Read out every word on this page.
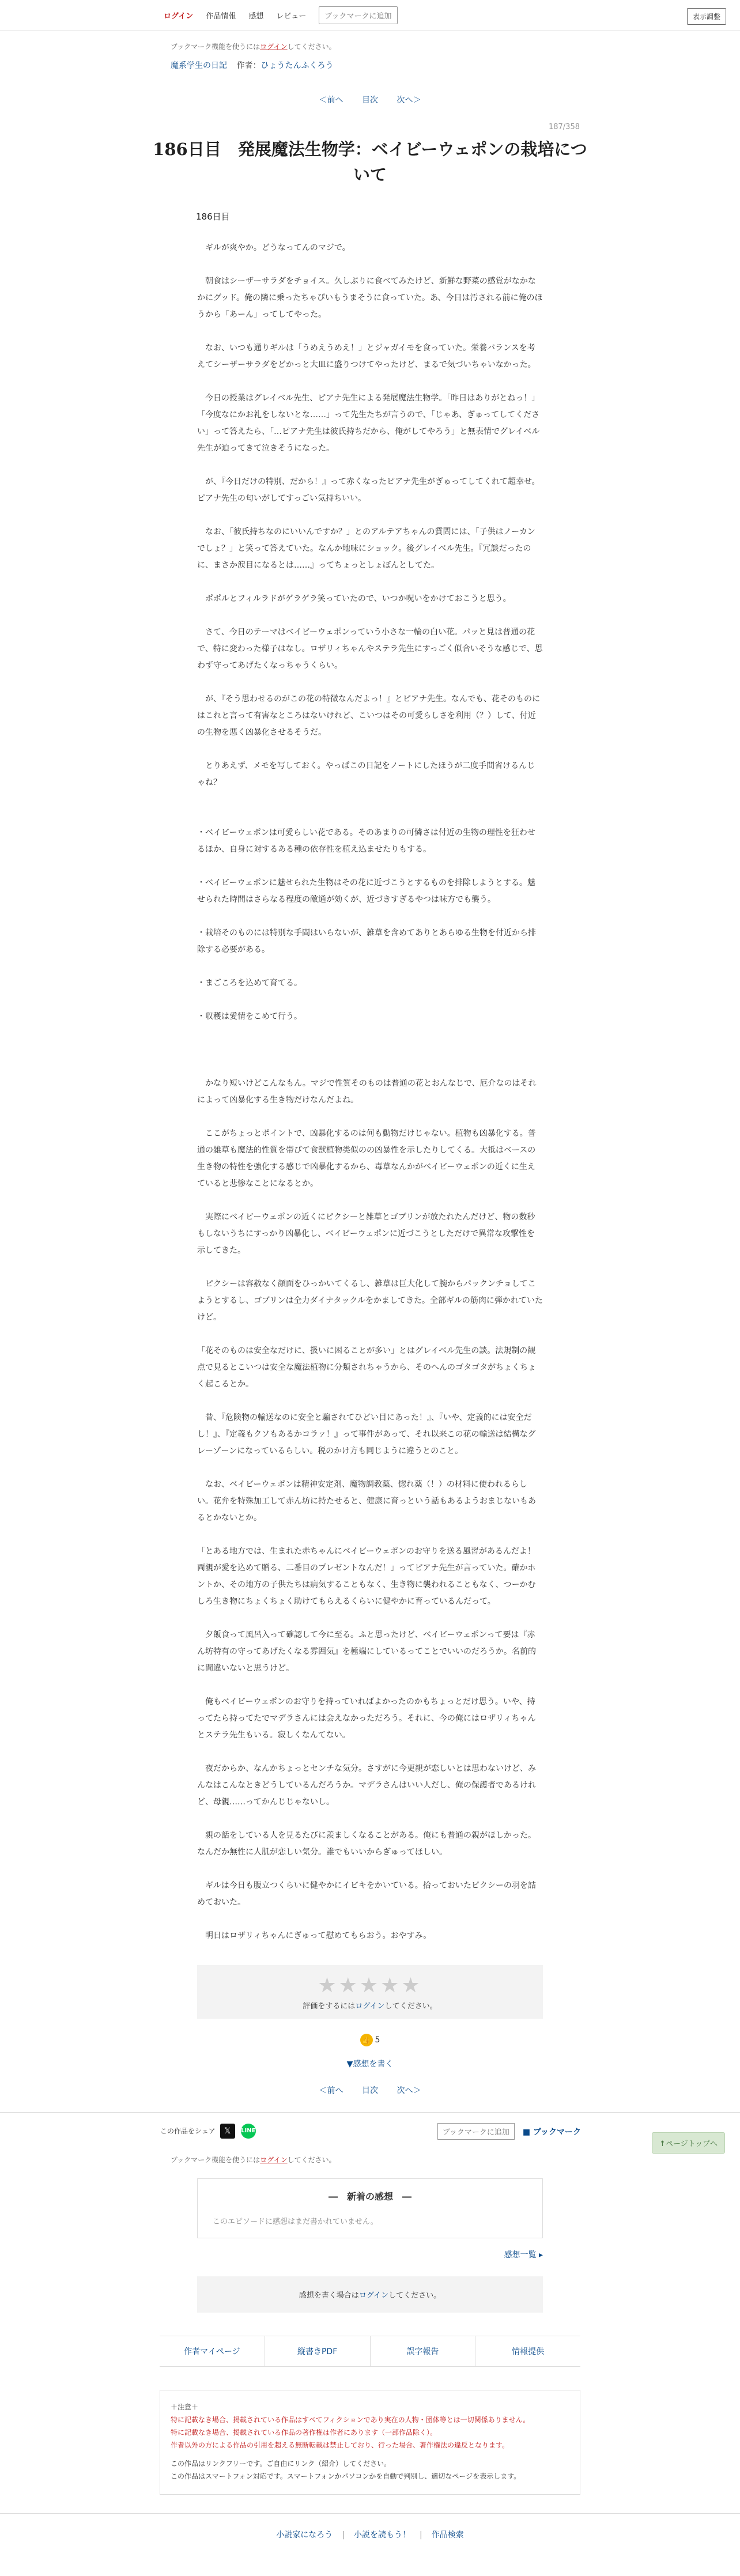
ログイン 作品情報 感想 レビュー	ブックマークに追加	表示調整
ブックマーク機能を使うにはログインしてください。
魔系学生の日記 作者：ひょうたんふくろう
＜前へ 目次 次へ＞
187/358
186日目　発展魔法生物学：ベイビーウェポンの栽培について
186日目

　ギルが爽やか。どうなってんのマジで。

　朝食はシーザーサラダをチョイス。久しぶりに食べてみたけど、新鮮な野菜の感覚がなかなかにグッド。俺の隣に乗ったちゃぴいもうまそうに食っていた。あ、今日は汚される前に俺のほうから「あーん」ってしてやった。

　なお、いつも通りギルは「うめえうめえ！」とジャガイモを食っていた。栄養バランスを考えてシーザーサラダをどかっと大皿に盛りつけてやったけど、まるで気づいちゃいなかった。

　今日の授業はグレイベル先生、ピアナ先生による発展魔法生物学。「昨日はありがとねっ！」「今度なにかお礼をしないとな……」って先生たちが言うので、「じゃあ、ぎゅってしてください」って答えたら、「…ピアナ先生は彼氏持ちだから、俺がしてやろう」と無表情でグレイベル先生が迫ってきて泣きそうになった。

　が、『今日だけの特別、だから！』って赤くなったピアナ先生がぎゅってしてくれて超幸せ。ピアナ先生の匂いがしてすっごい気持ちいい。

　なお、「彼氏持ちなのにいいんですか？」とのアルテアちゃんの質問には、「子供はノーカンでしょ？」と笑って答えていた。なんか地味にショック。後グレイベル先生。『冗談だったのに、まさか涙目になるとは……』ってちょっとしょぼんとしてた。

　ポポルとフィルラドがゲラゲラ笑っていたので、いつか呪いをかけておこうと思う。

　さて、今日のテーマはベイビーウェポンっていう小さな一輪の白い花。パッと見は普通の花で、特に変わった様子はなし。ロザリィちゃんやステラ先生にすっごく似合いそうな感じで、思わず守ってあげたくなっちゃうくらい。

　が、『そう思わせるのがこの花の特徴なんだよっ！』とピアナ先生。なんでも、花そのものにはこれと言って有害なところはないけれど、こいつはその可愛らしさを利用（？）して、付近の生物を悪く凶暴化させるそうだ。

　とりあえず、メモを写しておく。やっぱこの日記をノートにしたほうが二度手間省けるんじゃね？

・ベイビーウェポンは可愛らしい花である。そのあまりの可憐さは付近の生物の理性を狂わせるほか、自身に対するある種の依存性を植え込ませたりもする。

・ベイビーウェポンに魅せられた生物はその花に近づこうとするものを排除しようとする。魅せられた時間はさらなる程度の敵通が効くが、近づきすぎるやつは味方でも襲う。

・栽培そのものには特別な手間はいらないが、雑草を含めてありとあらゆる生物を付近から排除する必要がある。

・まごころを込めて育てる。

・収穫は愛情をこめて行う。

　かなり短いけどこんなもん。マジで性質そのものは普通の花とおんなじで、厄介なのはそれによって凶暴化する生き物だけなんだよね。

　ここがちょっとポイントで、凶暴化するのは何も動物だけじゃない。植物も凶暴化する。普通の雑草も魔法的性質を帯びて食獣植物类似のの凶暴性を示したりしてくる。大抵はベースの生き物の特性を強化する感じで凶暴化するから、毒草なんかがベイビーウェポンの近くに生えていると悲惨なことになるとか。

　実際にベイビーウェポンの近くにピクシーと雑草とゴブリンが放たれたんだけど、物の数秒もしないうちにすっかり凶暴化し、ベイビーウェポンに近づこうとしただけで異常な攻撃性を示してきた。

　ピクシーは容赦なく顔面をひっかいてくるし、雑草は巨大化して腕からパックンチョしてこようとするし、ゴブリンは全力ダイナタックルをかましてきた。全部ギルの筋肉に弾かれていたけど。

「花そのものは安全なだけに、扱いに困ることが多い」とはグレイベル先生の談。法規制の観点で見るとこいつは安全な魔法植物に分類されちゃうから、そのへんのゴタゴタがちょくちょく起こるとか。

　昔、『危険物の輸送なのに安全と騙されてひどい目にあった！』、『いや、定義的には安全だし！』、『定義もクソもあるかコラァ！』って事件があって、それ以来この花の輸送は結構なグレーゾーンになっているらしい。税のかけ方も同じように違うとのこと。

　なお、ベイビーウェポンは精神安定剤、魔物調教薬、惚れ薬（！）の材料に使われるらしい。花弁を特殊加工して赤ん坊に持たせると、健康に育っという話もあるようおまじないもあるとかないとか。

「とある地方では、生まれた赤ちゃんにベイビーウェポンのお守りを送る風習があるんだよ！　両親が愛を込めて贈る、二番目のプレゼントなんだ！」ってピアナ先生が言っていた。確かホントか、その地方の子供たちは病気することもなく、生き物に襲われることもなく、つーかむしろ生き物にちょくちょく助けてもらえるくらいに健やかに育っているんだって。

　夕飯食って風呂入って確認して今に至る。ふと思ったけど、ベイビーウェポンって要は『赤ん坊特有の守ってあげたくなる雰囲気』を極端にしているってことでいいのだろうか。名前的に間違いないと思うけど。

　俺もベイビーウェポンのお守りを持っていればよかったのかもちょっとだけ思う。いや、持ってたら持ってたでマデラさんには会えなかっただろう。それに、今の俺にはロザリィちゃんとステラ先生もいる。寂しくなんてない。

　夜だからか、なんかちょっとセンチな気分。さすがに今更親が恋しいとは思わないけど、みんなはこんなときどうしているんだろうか。マデラさんはいい人だし、俺の保護者であるけれど、母親……ってかんじじゃないし。

　親の話をしている人を見るたびに羨ましくなることがある。俺にも普通の親がほしかった。なんだか無性に人肌が恋しい気分。誰でもいいからぎゅってほしい。

　ギルは今日も腹立つくらいに健やかにイビキをかいている。拾っておいたピクシーの羽を詰めておいた。

　明日はロザリィちゃんにぎゅって慰めてもらおう。おやすみ。

★★★★★
評価をするにはログインしてください。
👍 5
▼感想を書く
↑ページトップへ
＜前へ 目次 次へ＞
この作品をシェア	𝕏	LINE	ブックマークに追加	■ ブックマーク
ブックマーク機能を使うにはログインしてください。
―　新着の感想　―
このエピソードに感想はまだ書かれていません。
感想一覧 ▸
感想を書く場合はログインしてください。
作者マイページ	縦書きPDF	誤字報告	情報提供
＋注意＋
特に記載なき場合、掲載されている作品はすべてフィクションであり実在の人物・団体等とは一切関係ありません。
特に記載なき場合、掲載されている作品の著作権は作者にあります（一部作品除く）。
作者以外の方による作品の引用を超える無断転載は禁止しており、行った場合、著作権法の違反となります。
この作品はリンクフリーです。ご自由にリンク（紹介）してください。
この作品はスマートフォン対応です。スマートフォンかパソコンかを自動で判別し、適切なページを表示します。
小説家になろう | 小説を読もう！ | 作品検索
